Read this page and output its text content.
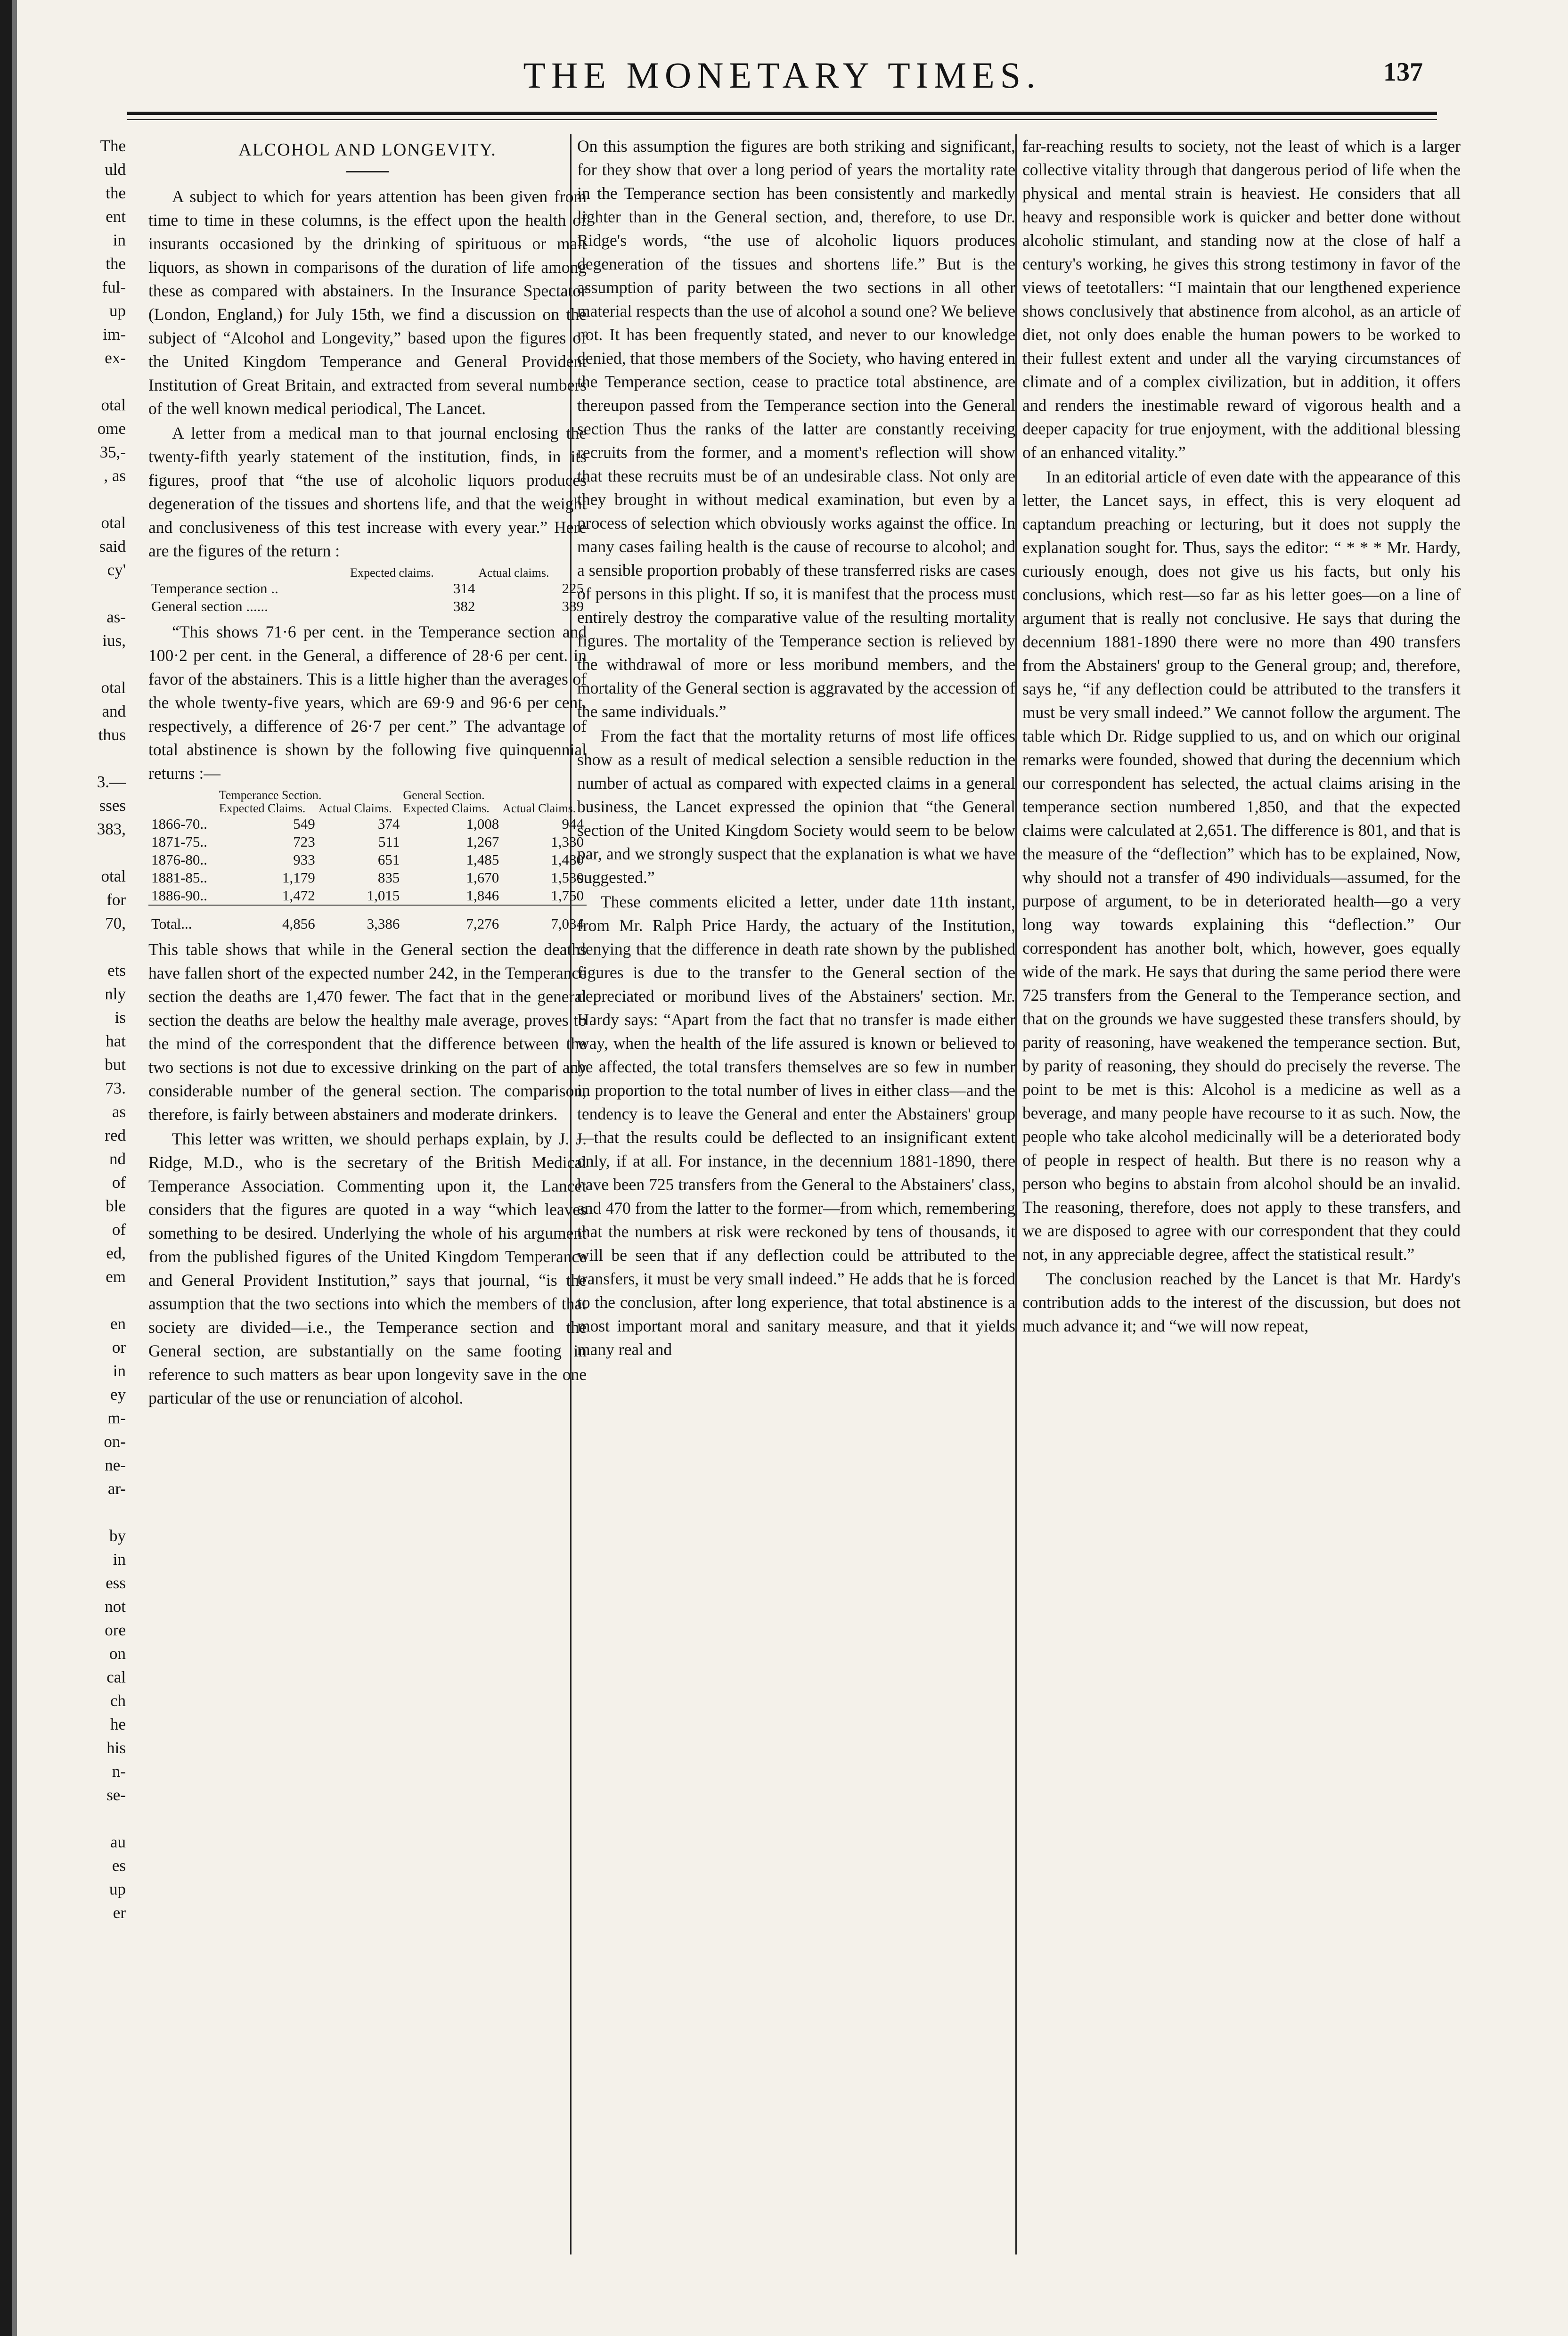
THE MONETARY TIMES.	137

The
uld
the
ent
in
the
ful-
up
im-
ex-

otal
ome
35,-
, as

otal
said
cy'

as-
ius,

otal
and
thus

3.—
sses
383,

otal
for
70,

ets
nly
is
hat
but
73.
as
red
nd
of
ble
of
ed,
em

en
or
in
ey
m-
on-
ne-
ar-

by
in
ess
not
ore
on
cal
ch
he
his
n-
se-

au
es
up
er

ALCOHOL AND LONGEVITY.

A subject to which for years attention has been given from time to time in these columns, is the effect upon the health of insurants occasioned by the drinking of spirituous or malt liquors, as shown in comparisons of the duration of life among these as compared with abstainers. In the Insurance Spectator (London, England,) for July 15th, we find a discussion on the subject of “Alcohol and Longevity,” based upon the figures of the United Kingdom Temperance and General Provident Institution of Great Britain, and extracted from several numbers of the well known medical periodical, The Lancet.

A letter from a medical man to that journal enclosing the twenty-fifth yearly statement of the institution, finds, in its figures, proof that “the use of alcoholic liquors produces degeneration of the tissues and shortens life, and that the weight and conclusiveness of this test increase with every year.” Here are the figures of the return :

	Expected claims.	Actual claims.
Temperance section ..	314	225
General section ......	382	389

“This shows 71·6 per cent. in the Temperance section and 100·2 per cent. in the General, a difference of 28·6 per cent. in favor of the abstainers. This is a little higher than the averages of the whole twenty-five years, which are 69·9 and 96·6 per cent. respectively, a difference of 26·7 per cent.” The advantage of total abstinence is shown by the following five quinquennial returns :—

	Temperance Section.		General Section.	
	Expected Claims.	Actual Claims.	Expected Claims.	Actual Claims.
1866-70..	549	374	1,008	944
1871-75..	723	511	1,267	1,330
1876-80..	933	651	1,485	1,480
1881-85..	1,179	835	1,670	1,530
1886-90..	1,472	1,015	1,846	1,750
Total...	4,856	3,386	7,276	7,034

This table shows that while in the General section the deaths have fallen short of the expected number 242, in the Temperance section the deaths are 1,470 fewer. The fact that in the general section the deaths are below the healthy male average, proves to the mind of the correspondent that the difference between the two sections is not due to excessive drinking on the part of any considerable number of the general section. The comparison, therefore, is fairly between abstainers and moderate drinkers.

This letter was written, we should perhaps explain, by J. J. Ridge, M.D., who is the secretary of the British Medical Temperance Association. Commenting upon it, the Lancet considers that the figures are quoted in a way “which leaves something to be desired. Underlying the whole of his argument from the published figures of the United Kingdom Temperance and General Provident Institution,” says that journal, “is the assumption that the two sections into which the members of that society are divided—i.e., the Temperance section and the General section, are substantially on the same footing in reference to such matters as bear upon longevity save in the one particular of the use or renunciation of alcohol.

On this assumption the figures are both striking and significant, for they show that over a long period of years the mortality rate in the Temperance section has been consistently and markedly lighter than in the General section, and, therefore, to use Dr. Ridge's words, “the use of alcoholic liquors produces degeneration of the tissues and shortens life.” But is the assumption of parity between the two sections in all other material respects than the use of alcohol a sound one? We believe not. It has been frequently stated, and never to our knowledge denied, that those members of the Society, who having entered in the Temperance section, cease to practice total abstinence, are thereupon passed from the Temperance section into the General section Thus the ranks of the latter are constantly receiving recruits from the former, and a moment's reflection will show that these recruits must be of an undesirable class. Not only are they brought in without medical examination, but even by a process of selection which obviously works against the office. In many cases failing health is the cause of recourse to alcohol; and a sensible proportion probably of these transferred risks are cases of persons in this plight. If so, it is manifest that the process must entirely destroy the comparative value of the resulting mortality figures. The mortality of the Temperance section is relieved by the withdrawal of more or less moribund members, and the mortality of the General section is aggravated by the accession of the same individuals.”

From the fact that the mortality returns of most life offices show as a result of medical selection a sensible reduction in the number of actual as compared with expected claims in a general business, the Lancet expressed the opinion that “the General section of the United Kingdom Society would seem to be below par, and we strongly suspect that the explanation is what we have suggested.”

These comments elicited a letter, under date 11th instant, from Mr. Ralph Price Hardy, the actuary of the Institution, denying that the difference in death rate shown by the published figures is due to the transfer to the General section of the depreciated or moribund lives of the Abstainers' section. Mr. Hardy says: “Apart from the fact that no transfer is made either way, when the health of the life assured is known or believed to be affected, the total transfers themselves are so few in number in proportion to the total number of lives in either class—and the tendency is to leave the General and enter the Abstainers' group—that the results could be deflected to an insignificant extent only, if at all. For instance, in the decennium 1881-1890, there have been 725 transfers from the General to the Abstainers' class, and 470 from the latter to the former—from which, remembering that the numbers at risk were reckoned by tens of thousands, it will be seen that if any deflection could be attributed to the transfers, it must be very small indeed.” He adds that he is forced to the conclusion, after long experience, that total abstinence is a most important moral and sanitary measure, and that it yields many real and

far-reaching results to society, not the least of which is a larger collective vitality through that dangerous period of life when the physical and mental strain is heaviest. He considers that all heavy and responsible work is quicker and better done without alcoholic stimulant, and standing now at the close of half a century's working, he gives this strong testimony in favor of the views of teetotallers: “I maintain that our lengthened experience shows conclusively that abstinence from alcohol, as an article of diet, not only does enable the human powers to be worked to their fullest extent and under all the varying circumstances of climate and of a complex civilization, but in addition, it offers and renders the inestimable reward of vigorous health and a deeper capacity for true enjoyment, with the additional blessing of an enhanced vitality.”

In an editorial article of even date with the appearance of this letter, the Lancet says, in effect, this is very eloquent ad captandum preaching or lecturing, but it does not supply the explanation sought for. Thus, says the editor: “ * * * Mr. Hardy, curiously enough, does not give us his facts, but only his conclusions, which rest—so far as his letter goes—on a line of argument that is really not conclusive. He says that during the decennium 1881-1890 there were no more than 490 transfers from the Abstainers' group to the General group; and, therefore, says he, “if any deflection could be attributed to the transfers it must be very small indeed.” We cannot follow the argument. The table which Dr. Ridge supplied to us, and on which our original remarks were founded, showed that during the decennium which our correspondent has selected, the actual claims arising in the temperance section numbered 1,850, and that the expected claims were calculated at 2,651. The difference is 801, and that is the measure of the “deflection” which has to be explained, Now, why should not a transfer of 490 individuals—assumed, for the purpose of argument, to be in deteriorated health—go a very long way towards explaining this “deflection.” Our correspondent has another bolt, which, however, goes equally wide of the mark. He says that during the same period there were 725 transfers from the General to the Temperance section, and that on the grounds we have suggested these transfers should, by parity of reasoning, have weakened the temperance section. But, by parity of reasoning, they should do precisely the reverse. The point to be met is this: Alcohol is a medicine as well as a beverage, and many people have recourse to it as such. Now, the people who take alcohol medicinally will be a deteriorated body of people in respect of health. But there is no reason why a person who begins to abstain from alcohol should be an invalid. The reasoning, therefore, does not apply to these transfers, and we are disposed to agree with our correspondent that they could not, in any appreciable degree, affect the statistical result.”

The conclusion reached by the Lancet is that Mr. Hardy's contribution adds to the interest of the discussion, but does not much advance it; and “we will now repeat,
